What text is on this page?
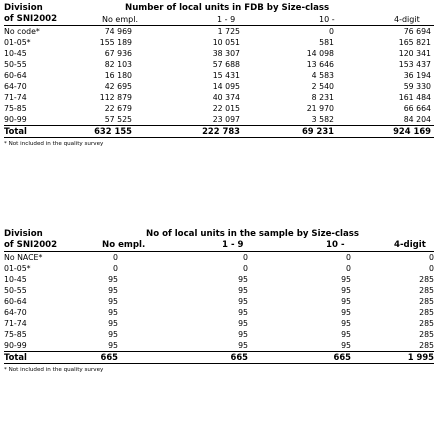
Division
of SNI2002
Number of local units in FDB by Size-class
No empl.	1 - 9	10 -	4-digit
No code*	74 969	1 725	0	76 694
01-05*	155 189	10 051	581	165 821
10-45	67 936	38 307	14 098	120 341
50-55	82 103	57 688	13 646	153 437
60-64	16 180	15 431	4 583	36 194
64-70	42 695	14 095	2 540	59 330
71-74	112 879	40 374	8 231	161 484
75-85	22 679	22 015	21 970	66 664
90-99	57 525	23 097	3 582	84 204
Total	632 155	222 783	69 231	924 169
* Not included in the quality survey
Division
of SNI2002
No of local units in the sample by Size-class
No empl.	1 - 9	10 -	4-digit
No NACE*	0	0	0	0
01-05*	0	0	0	0
10-45	95	95	95	285
50-55	95	95	95	285
60-64	95	95	95	285
64-70	95	95	95	285
71-74	95	95	95	285
75-85	95	95	95	285
90-99	95	95	95	285
Total	665	665	665	1 995
* Not included in the quality survey
